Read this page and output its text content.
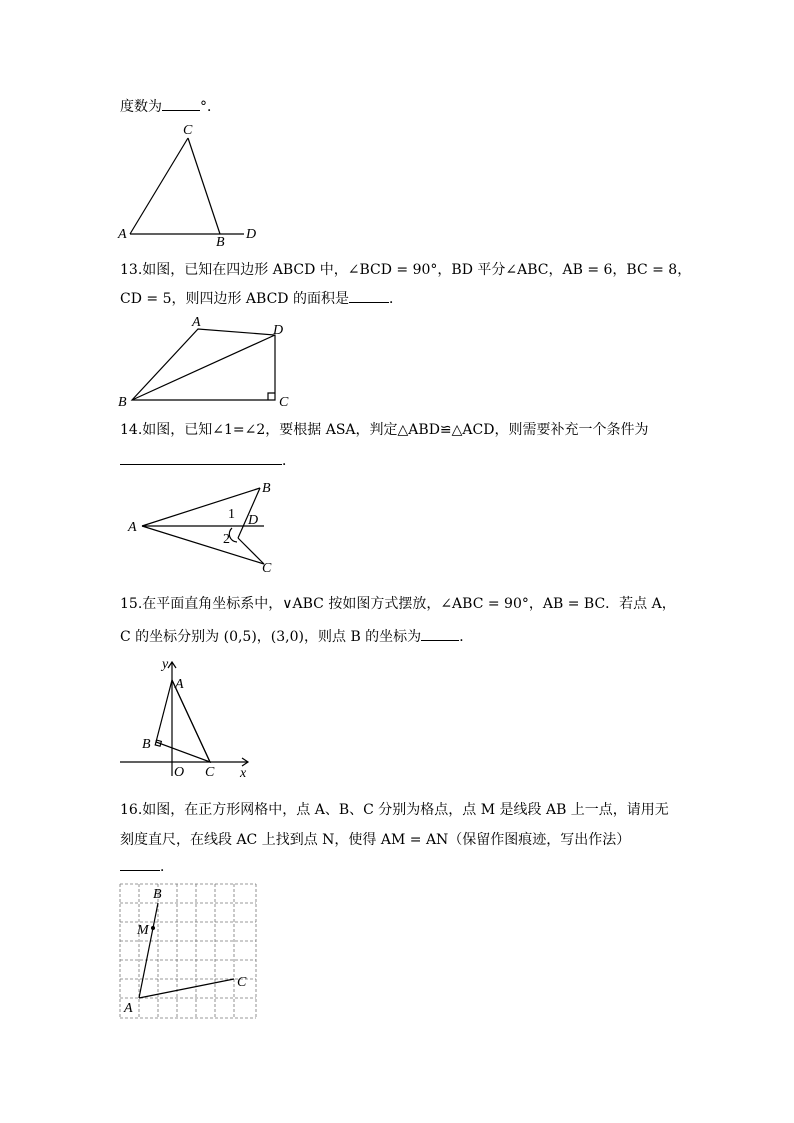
度数为	°．
A
B
C
D
13.如图，已知在四边形 ABCD 中，∠BCD = 90°，BD 平分∠ABC，AB = 6，BC = 8，
CD = 5，则四边形 ABCD 的面积是	．
B
A
D
C
14.如图，已知∠1=∠2，要根据 ASA，判定△ABD≌△ACD，则需要补充一个条件为
．
A
B
D
C
1
2
15.在平面直角坐标系中，∨ABC 按如图方式摆放，∠ABC = 90°，AB = BC．若点 A，
C 的坐标分别为 (0,5)，(3,0)，则点 B 的坐标为	．
A
B
C
O	x
y
16.如图，在正方形网格中，点 A、B、C 分别为格点，点 M 是线段 AB 上一点，请用无
刻度直尺，在线段 AC 上找到点 N，使得 AM = AN（保留作图痕迹，写出作法）
．
B
M
A
C
